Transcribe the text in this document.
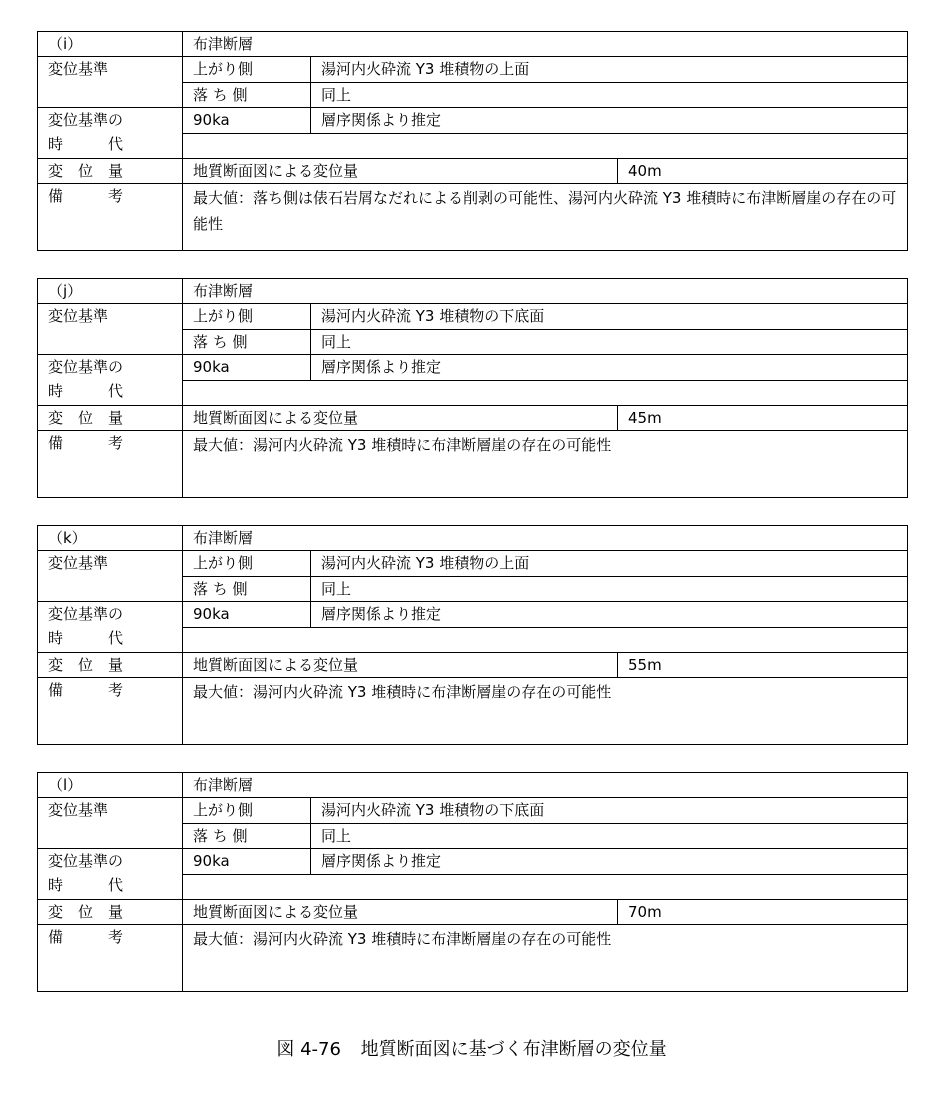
（i）	布津断層		
変位基準	上がり側	湯河内火砕流 Y3 堆積物の上面	
	落 ち 側	同上	

変位基準の
時　　　代	90ka	層序関係より推定	

変　位　量	地質断面図による変位量		40m
備　　　考	最大値：落ち側は俵石岩屑なだれによる削剥の可能性、湯河内火砕流 Y3 堆積時に布津断層崖の存在の可能性		
（j）	布津断層		
変位基準	上がり側	湯河内火砕流 Y3 堆積物の下底面	
	落 ち 側	同上	

変位基準の
時　　　代	90ka	層序関係より推定	

変　位　量	地質断面図による変位量		45m
備　　　考	最大値：湯河内火砕流 Y3 堆積時に布津断層崖の存在の可能性		
（k）	布津断層		
変位基準	上がり側	湯河内火砕流 Y3 堆積物の上面	
	落 ち 側	同上	

変位基準の
時　　　代	90ka	層序関係より推定	

変　位　量	地質断面図による変位量		55m
備　　　考	最大値：湯河内火砕流 Y3 堆積時に布津断層崖の存在の可能性		
（l）	布津断層		
変位基準	上がり側	湯河内火砕流 Y3 堆積物の下底面	
	落 ち 側	同上	

変位基準の
時　　　代	90ka	層序関係より推定	

変　位　量	地質断面図による変位量		70m
備　　　考	最大値：湯河内火砕流 Y3 堆積時に布津断層崖の存在の可能性		
図 4-76 地質断面図に基づく布津断層の変位量
